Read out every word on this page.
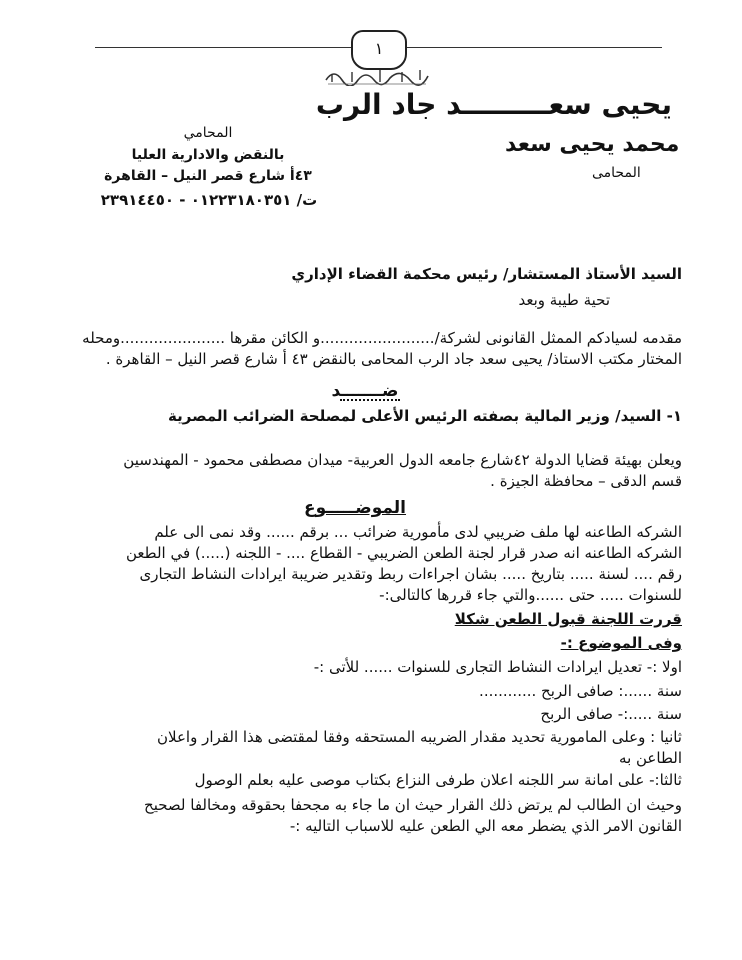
١
يحيى سعـــــــــد جاد الرب
المحامي
بالنقض والادارية العليا
٤٣أ شارع قصر النيل – القاهرة
ت/ ٠١٢٢٣١٨٠٣٥١ - ٢٣٩١٤٤٥٠
محمد يحيى سعد
المحامى
السيد الأستاذ المستشار/ رئيس محكمة القضاء الإداري
تحية طيبة وبعد
مقدمه لسيادكم الممثل القانونى لشركة/........................و الكائن مقرها ......................ومحله
المختار مكتب الاستاذ/ يحيى سعد جاد الرب المحامى بالنقض ٤٣ أ شارع قصر النيل – القاهرة .
ضـــــــد
١- السيد/ وزير المالية بصفته الرئيس الأعلى لمصلحة الضرائب المصرية
ويعلن بهيئة قضايا الدولة ٤٢شارع جامعه الدول العربية- ميدان مصطفى محمود - المهندسين
قسم الدقى – محافظة الجيزة .
الموضـــــوع
الشركه الطاعنه لها ملف ضريبي لدى مأمورية ضرائب ... برقم ...... وقد نمى الى علم
الشركه الطاعنه انه صدر قرار لجنة الطعن الضريبي - القطاع .... - اللجنه (.....) في الطعن
رقم .... لسنة ..... بتاريخ ..... بشان اجراءات ربط وتقدير ضريبة ايرادات النشاط التجارى
للسنوات ..... حتى ......والتي جاء قررها كالتالى:-
قررت اللجنة قبول الطعن شكلا
وفى الموضوع :-
اولا :- تعديل ايرادات النشاط التجارى للسنوات ...... للأتى :-
سنة ......: صافى الربح ............
سنة .....:- صافى الربح
ثانيا : وعلى المامورية تحديد مقدار الضريبه المستحقه وفقا لمقتضى هذا القرار واعلان
الطاعن به
ثالثا:- على امانة سر اللجنه اعلان طرفى النزاع بكتاب موصى عليه بعلم الوصول
وحيث ان الطالب لم يرتض ذلك القرار حيث ان ما جاء به مجحفا بحقوقه ومخالفا لصحيح
القانون الامر الذي يضطر معه الي الطعن عليه للاسباب التاليه :-
